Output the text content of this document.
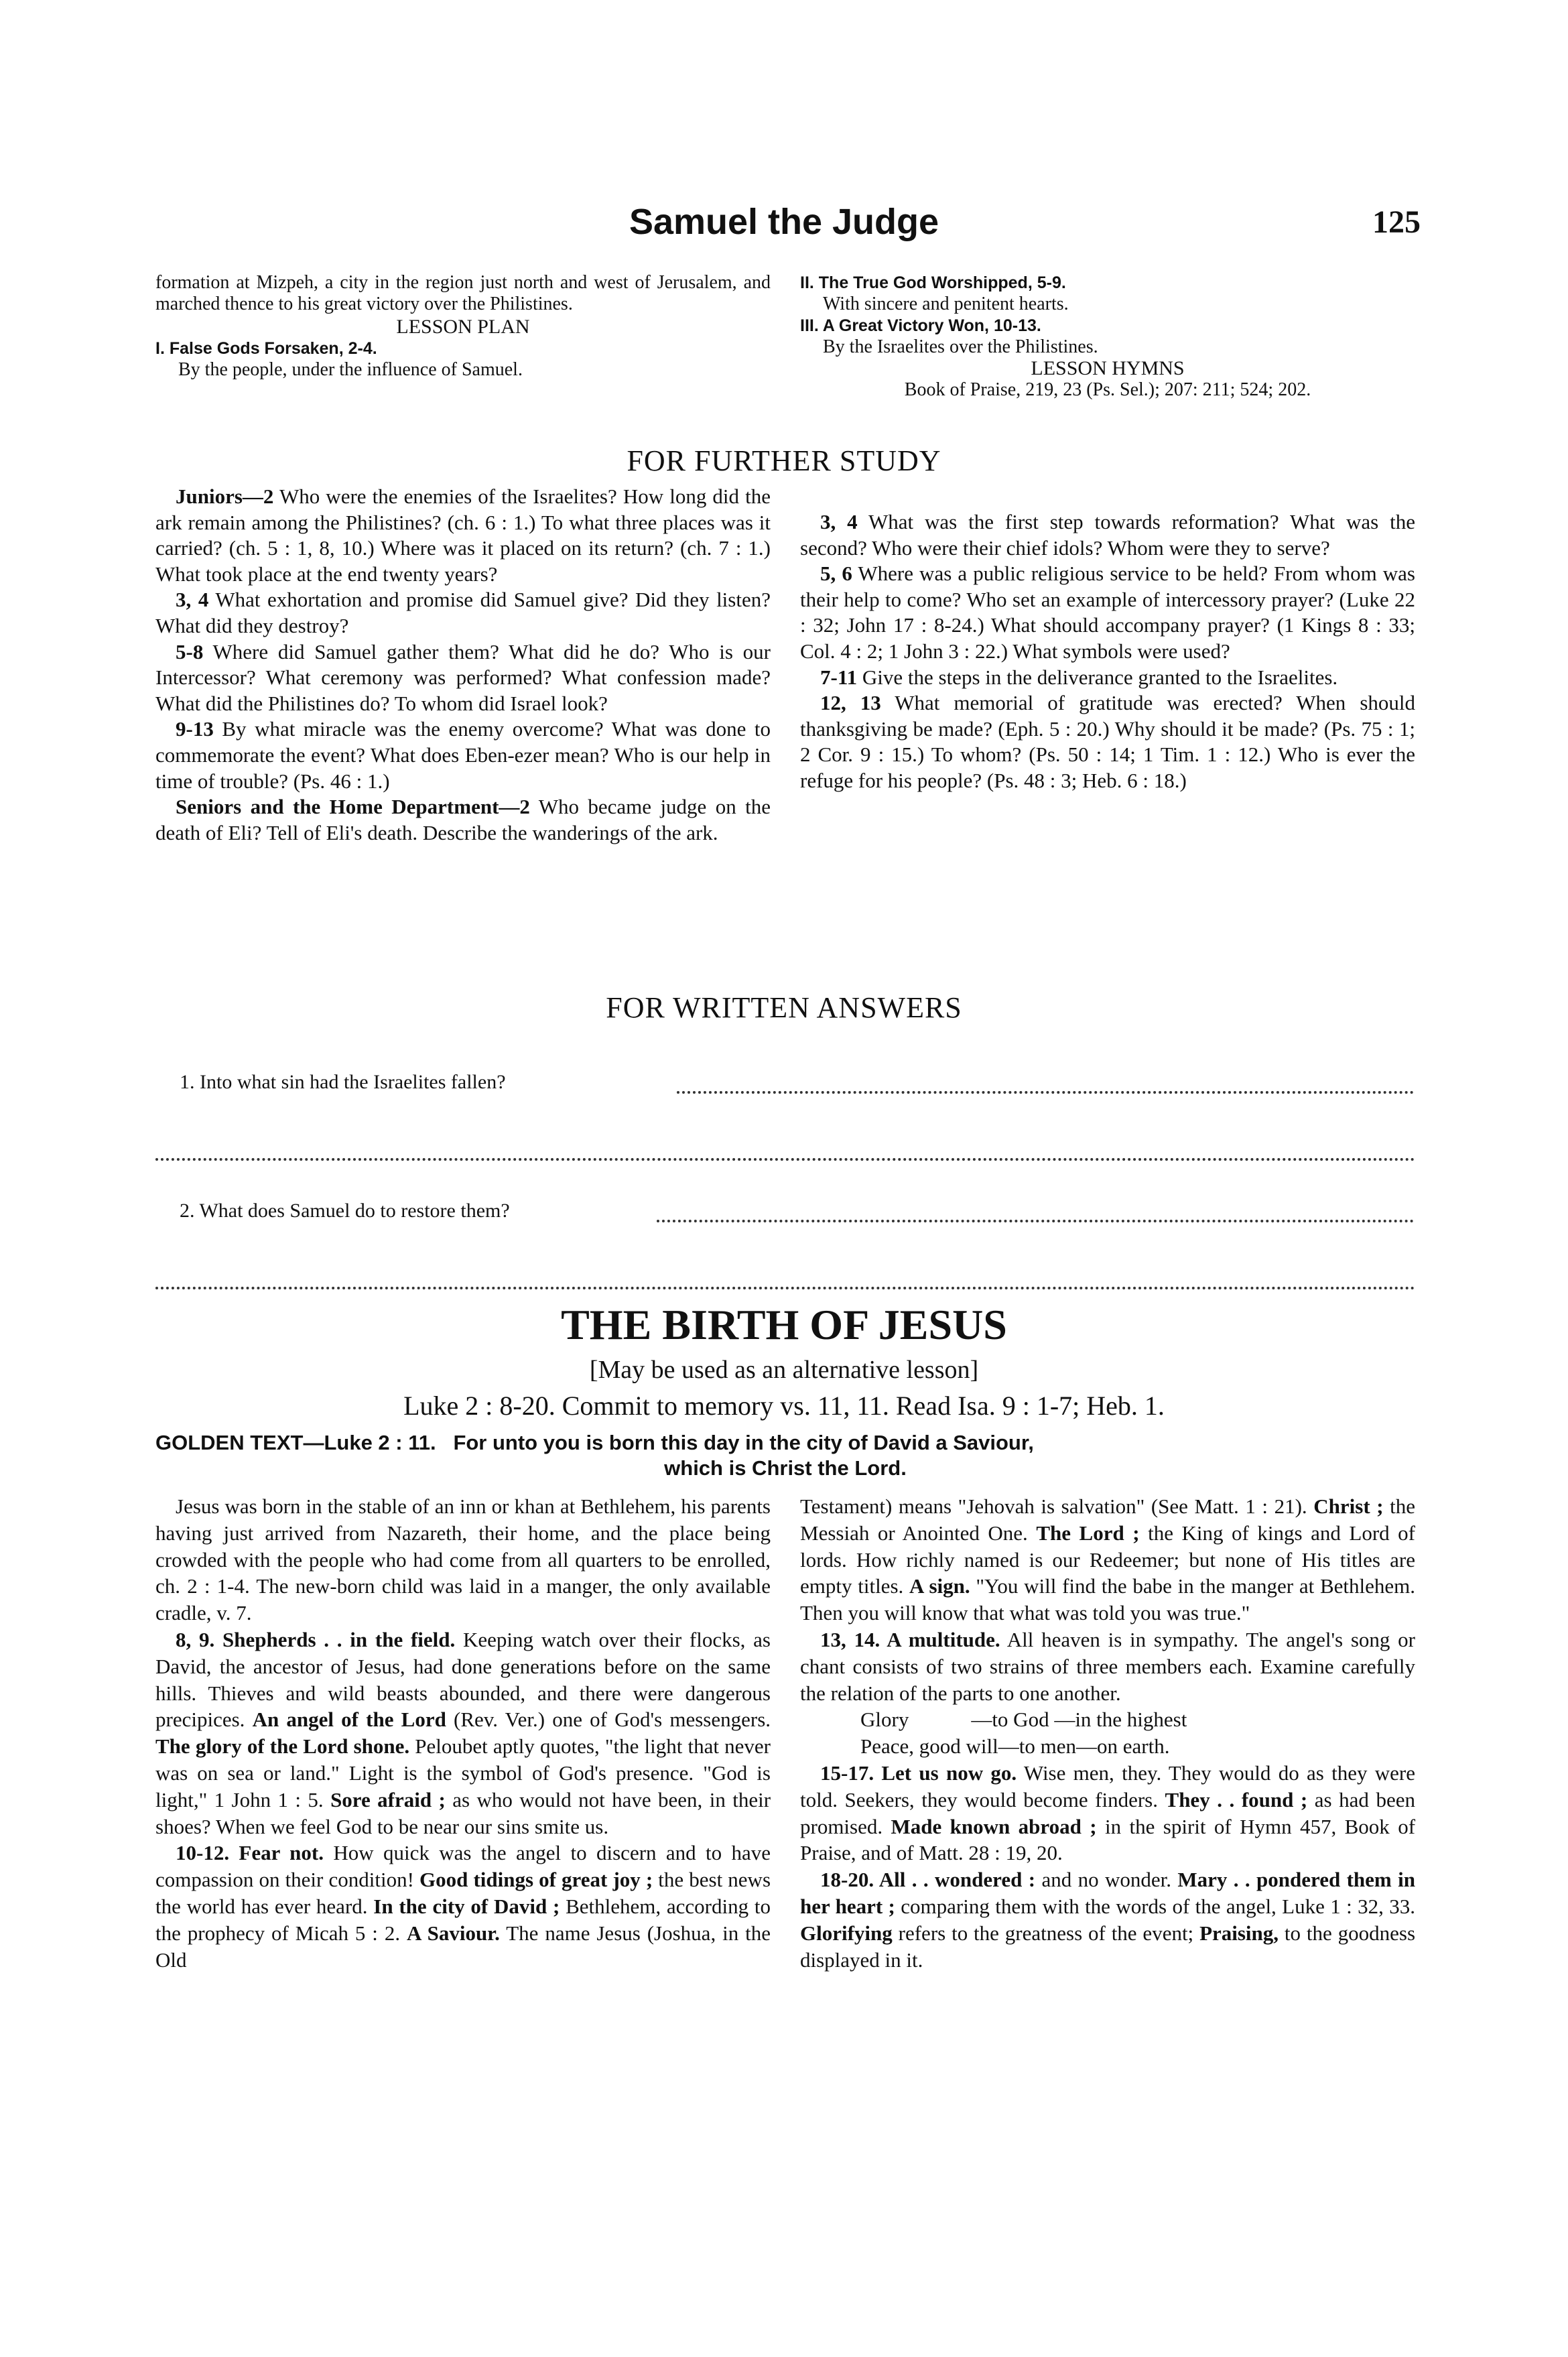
Samuel the Judge	125

formation at Mizpeh, a city in the region just north and west of Jerusalem, and marched thence to his great victory over the Philistines.

LESSON PLAN

I. False Gods Forsaken, 2-4.

By the people, under the influence of Samuel.

II. The True God Worshipped, 5-9.

With sincere and penitent hearts.

III. A Great Victory Won, 10-13.

By the Israelites over the Philistines.

LESSON HYMNS

Book of Praise, 219, 23 (Ps. Sel.); 207: 211; 524; 202.

FOR FURTHER STUDY

Juniors—2 Who were the enemies of the Israelites? How long did the ark remain among the Philistines? (ch. 6 : 1.) To what three places was it carried? (ch. 5 : 1, 8, 10.) Where was it placed on its return? (ch. 7 : 1.) What took place at the end twenty years?

3, 4 What exhortation and promise did Samuel give? Did they listen? What did they destroy?

5-8 Where did Samuel gather them? What did he do? Who is our Intercessor? What ceremony was performed? What confession made? What did the Philistines do? To whom did Israel look?

9-13 By what miracle was the enemy overcome? What was done to commemorate the event? What does Eben-ezer mean? Who is our help in time of trouble? (Ps. 46 : 1.)

Seniors and the Home Department—2 Who became judge on the death of Eli? Tell of Eli's death. Describe the wanderings of the ark.

3, 4 What was the first step towards reformation? What was the second? Who were their chief idols? Whom were they to serve?

5, 6 Where was a public religious service to be held? From whom was their help to come? Who set an example of intercessory prayer? (Luke 22 : 32; John 17 : 8-24.) What should accompany prayer? (1 Kings 8 : 33; Col. 4 : 2; 1 John 3 : 22.) What symbols were used?

7-11 Give the steps in the deliverance granted to the Israelites.

12, 13 What memorial of gratitude was erected? When should thanksgiving be made? (Eph. 5 : 20.) Why should it be made? (Ps. 75 : 1; 2 Cor. 9 : 15.) To whom? (Ps. 50 : 14; 1 Tim. 1 : 12.) Who is ever the refuge for his people? (Ps. 48 : 3; Heb. 6 : 18.)

FOR WRITTEN ANSWERS
1. Into what sin had the Israelites fallen?
2. What does Samuel do to restore them?
THE BIRTH OF JESUS
[May be used as an alternative lesson]
Luke 2 : 8-20. Commit to memory vs. 11, 11. Read Isa. 9 : 1-7; Heb. 1.
GOLDEN TEXT—Luke 2 : 11. For unto you is born this day in the city of David a Saviour,
which is Christ the Lord.

Jesus was born in the stable of an inn or khan at Bethlehem, his parents having just arrived from Nazareth, their home, and the place being crowded with the people who had come from all quarters to be enrolled, ch. 2 : 1-4. The new-born child was laid in a manger, the only available cradle, v. 7.

8, 9. Shepherds . . in the field. Keeping watch over their flocks, as David, the ancestor of Jesus, had done generations before on the same hills. Thieves and wild beasts abounded, and there were dangerous precipices. An angel of the Lord (Rev. Ver.) one of God's messengers. The glory of the Lord shone. Peloubet aptly quotes, "the light that never was on sea or land." Light is the symbol of God's presence. "God is light," 1 John 1 : 5. Sore afraid ; as who would not have been, in their shoes? When we feel God to be near our sins smite us.

10-12. Fear not. How quick was the angel to discern and to have compassion on their condition! Good tidings of great joy ; the best news the world has ever heard. In the city of David ; Bethlehem, according to the prophecy of Micah 5 : 2. A Saviour. The name Jesus (Joshua, in the Old

Testament) means "Jehovah is salvation" (See Matt. 1 : 21). Christ ; the Messiah or Anointed One. The Lord ; the King of kings and Lord of lords. How richly named is our Redeemer; but none of His titles are empty titles. A sign. "You will find the babe in the manger at Bethlehem. Then you will know that what was told you was true."

13, 14. A multitude. All heaven is in sympathy. The angel's song or chant consists of two strains of three members each. Examine carefully the relation of the parts to one another.

Glory            —to God —in the highest

Peace, good will—to men—on earth.

15-17. Let us now go. Wise men, they. They would do as they were told. Seekers, they would become finders. They . . found ; as had been promised. Made known abroad ; in the spirit of Hymn 457, Book of Praise, and of Matt. 28 : 19, 20.

18-20. All . . wondered : and no wonder. Mary . . pondered them in her heart ; comparing them with the words of the angel, Luke 1 : 32, 33. Glorifying refers to the greatness of the event; Praising, to the goodness displayed in it.
